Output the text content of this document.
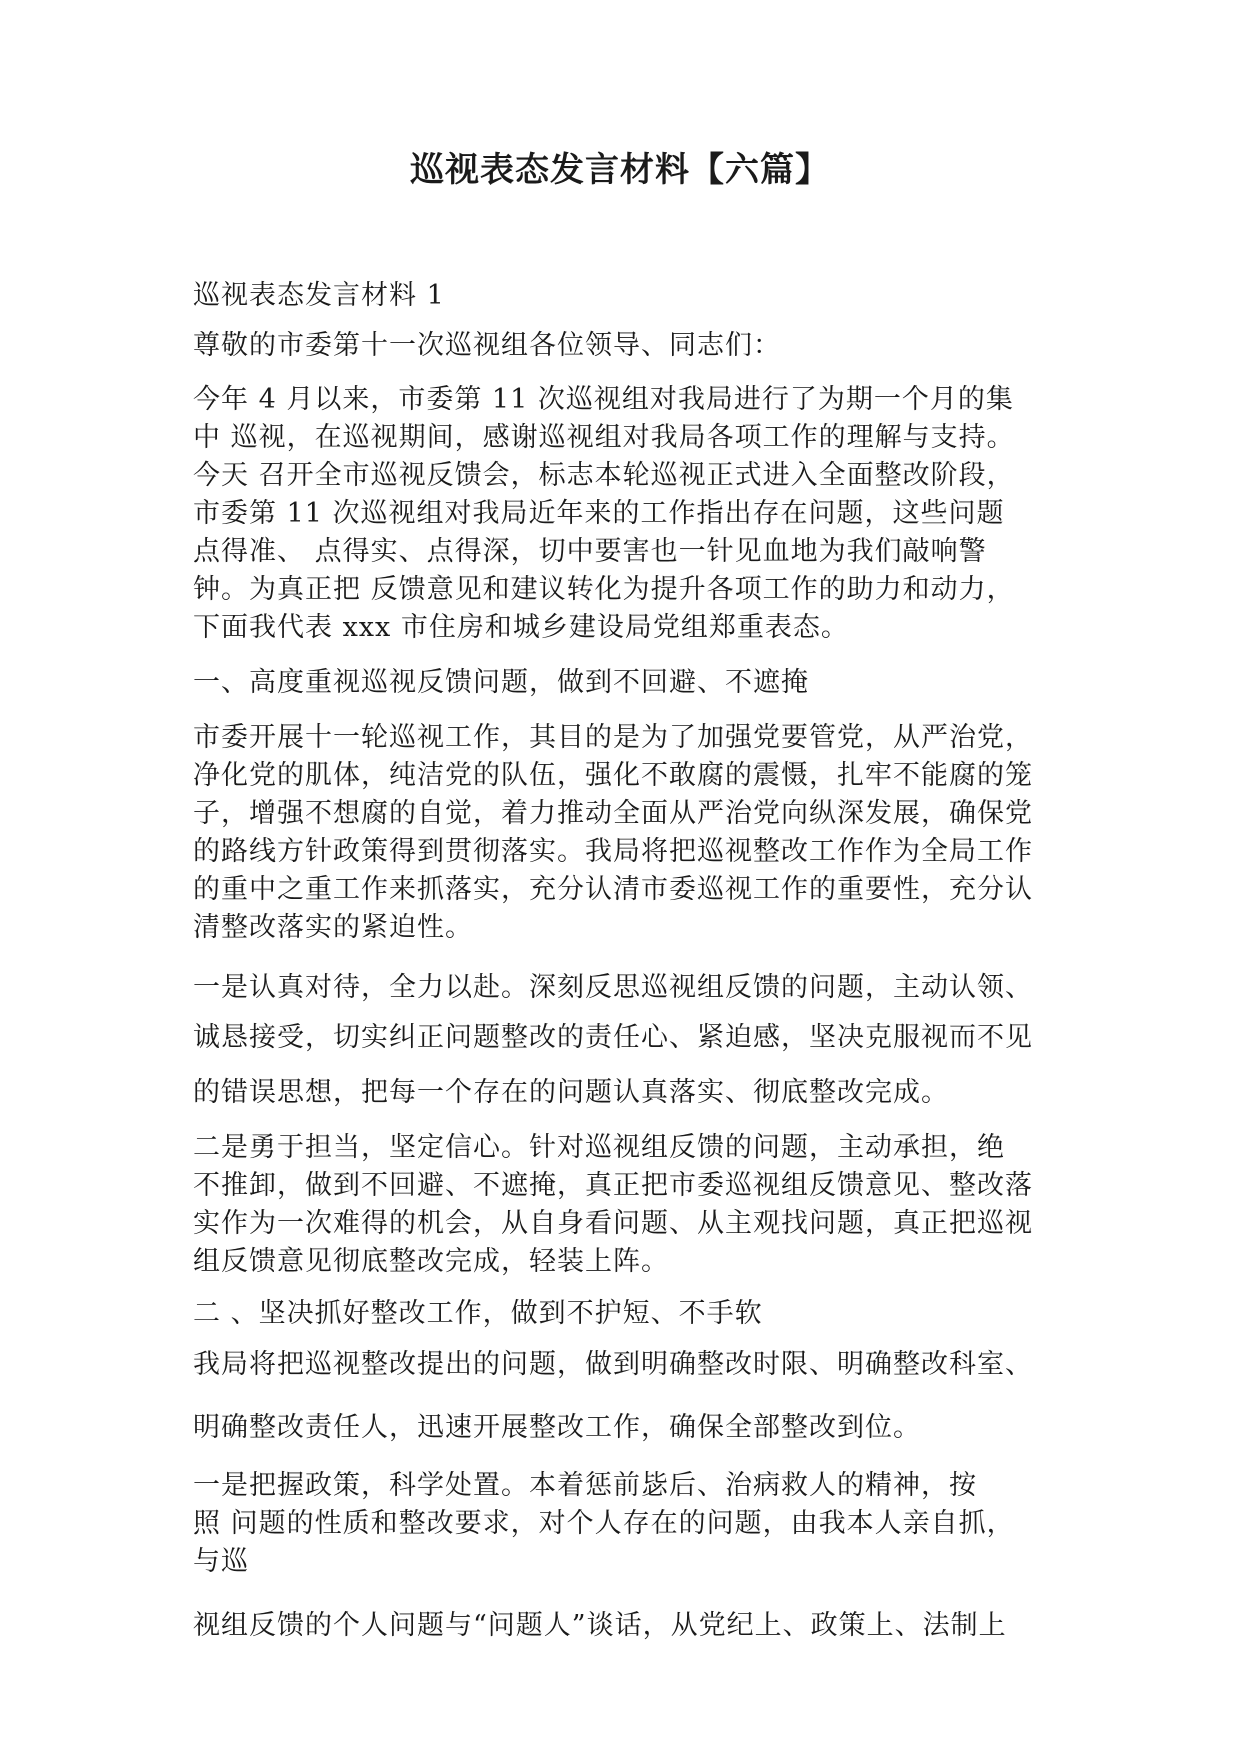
巡视表态发言材料【六篇】
巡视表态发言材料 1
尊敬的市委第十一次巡视组各位领导、同志们：
今年 4 月以来，市委第 11 次巡视组对我局进行了为期一个月的集
中 巡视，在巡视期间，感谢巡视组对我局各项工作的理解与支持。
今天 召开全市巡视反馈会，标志本轮巡视正式进入全面整改阶段，
市委第 11 次巡视组对我局近年来的工作指出存在问题，这些问题
点得准、 点得实、点得深，切中要害也一针见血地为我们敲响警
钟。为真正把 反馈意见和建议转化为提升各项工作的助力和动力，
下面我代表 xxx 市住房和城乡建设局党组郑重表态。
一、高度重视巡视反馈问题，做到不回避、不遮掩
市委开展十一轮巡视工作，其目的是为了加强党要管党，从严治党，
净化党的肌体，纯洁党的队伍，强化不敢腐的震慑，扎牢不能腐的笼
子，增强不想腐的自觉，着力推动全面从严治党向纵深发展，确保党
的路线方针政策得到贯彻落实。我局将把巡视整改工作作为全局工作
的重中之重工作来抓落实，充分认清市委巡视工作的重要性，充分认
清整改落实的紧迫性。
一是认真对待，全力以赴。深刻反思巡视组反馈的问题，主动认领、
诚恳接受，切实纠正问题整改的责任心、紧迫感，坚决克服视而不见
的错误思想，把每一个存在的问题认真落实、彻底整改完成。
二是勇于担当，坚定信心。针对巡视组反馈的问题，主动承担，绝
不推卸，做到不回避、不遮掩，真正把市委巡视组反馈意见、整改落
实作为一次难得的机会，从自身看问题、从主观找问题，真正把巡视
组反馈意见彻底整改完成，轻装上阵。
二 、坚决抓好整改工作，做到不护短、不手软
我局将把巡视整改提出的问题，做到明确整改时限、明确整改科室、
明确整改责任人，迅速开展整改工作，确保全部整改到位。
一是把握政策，科学处置。本着惩前毖后、治病救人的精神，按
照 问题的性质和整改要求，对个人存在的问题，由我本人亲自抓，
与巡
视组反馈的个人问题与“问题人”谈话，从党纪上、政策上、法制上
